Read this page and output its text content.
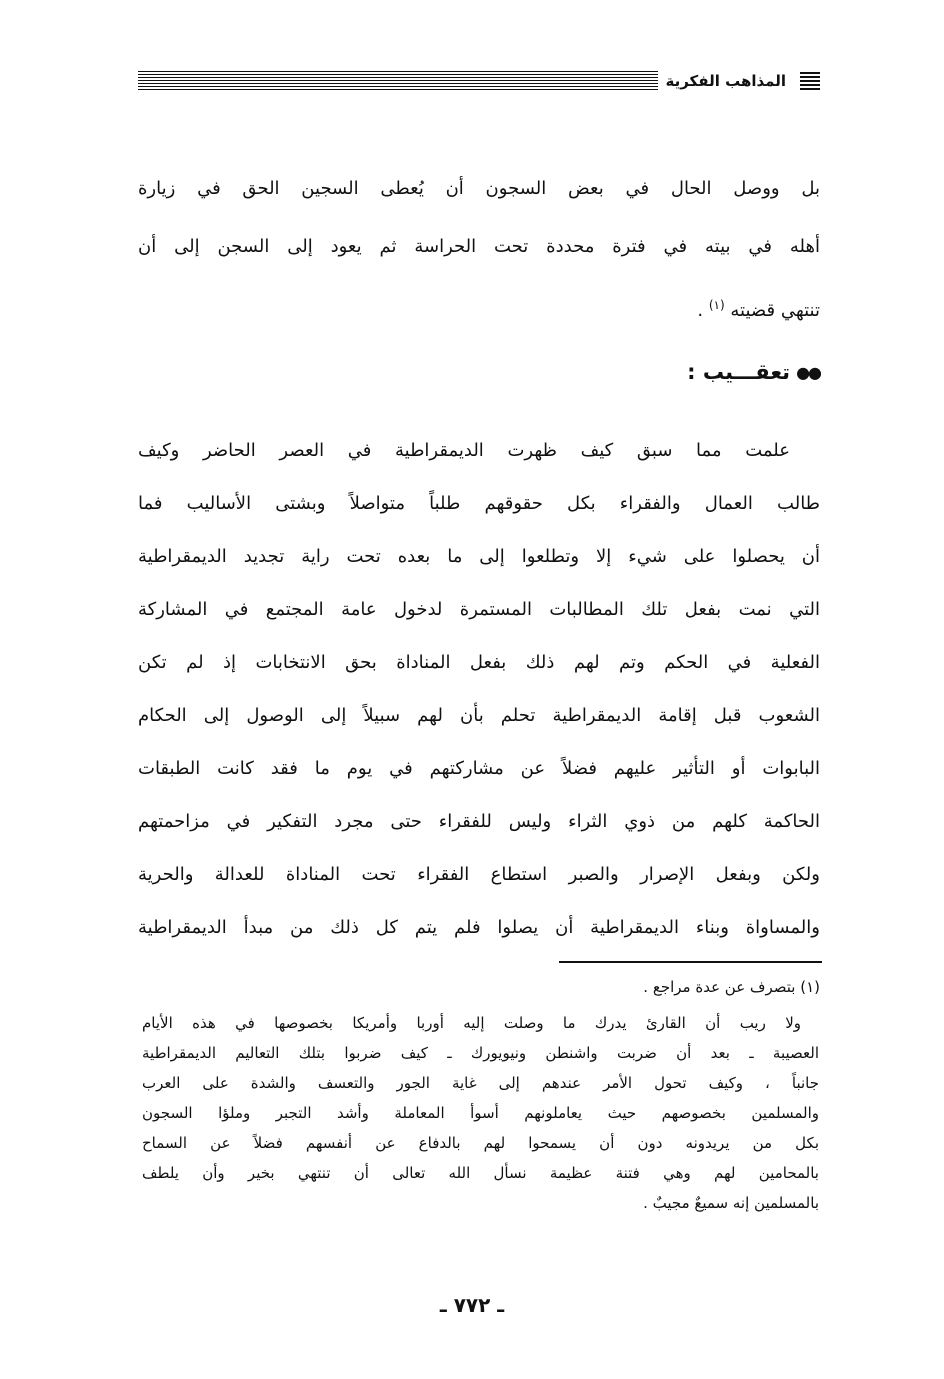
المذاهب الفكرية
بل ووصل الحال في بعض السجون أن يُعطى السجين الحق في زيارة
أهله في بيته في فترة محددة تحت الحراسة ثم يعود إلى السجن إلى أن
تنتهي قضيته $^{(١)}$ .
●●
تعقـــيب :
علمت مما سبق كيف ظهرت الديمقراطية في العصر الحاضر وكيف
طالب العمال والفقراء بكل حقوقهم طلباً متواصلاً وبشتى الأساليب فما
أن يحصلوا على شيء إلا وتطلعوا إلى ما بعده تحت راية تجديد الديمقراطية
التي نمت بفعل تلك المطالبات المستمرة لدخول عامة المجتمع في المشاركة
الفعلية في الحكم وتم لهم ذلك بفعل المناداة بحق الانتخابات إذ لم تكن
الشعوب قبل إقامة الديمقراطية تحلم بأن لهم سبيلاً إلى الوصول إلى الحكام
البابوات أو التأثير عليهم فضلاً عن مشاركتهم في يوم ما فقد كانت الطبقات
الحاكمة كلهم من ذوي الثراء وليس للفقراء حتى مجرد التفكير في مزاحمتهم
ولكن وبفعل الإصرار والصبر استطاع الفقراء تحت المناداة للعدالة والحرية
والمساواة وبناء الديمقراطية أن يصلوا فلم يتم كل ذلك من مبدأ الديمقراطية
(١) بتصرف عن عدة مراجع .
ولا ريب أن القارئ يدرك ما وصلت إليه أوربا وأمريكا بخصوصها في هذه الأيام
العصيبة ـ بعد أن ضربت واشنطن ونيويورك ـ كيف ضربوا بتلك التعاليم الديمقراطية
جانباً ، وكيف تحول الأمر عندهم إلى غاية الجور والتعسف والشدة على العرب
والمسلمين بخصوصهم حيث يعاملونهم أسوأ المعاملة وأشد التجبر وملؤا السجون
بكل من يريدونه دون أن يسمحوا لهم بالدفاع عن أنفسهم فضلاً عن السماح
بالمحامين لهم وهي فتنة عظيمة نسأل الله تعالى أن تنتهي بخير وأن يلطف
بالمسلمين إنه سميعٌ مجيبٌ .
ـ ٧٧٢ ـ
